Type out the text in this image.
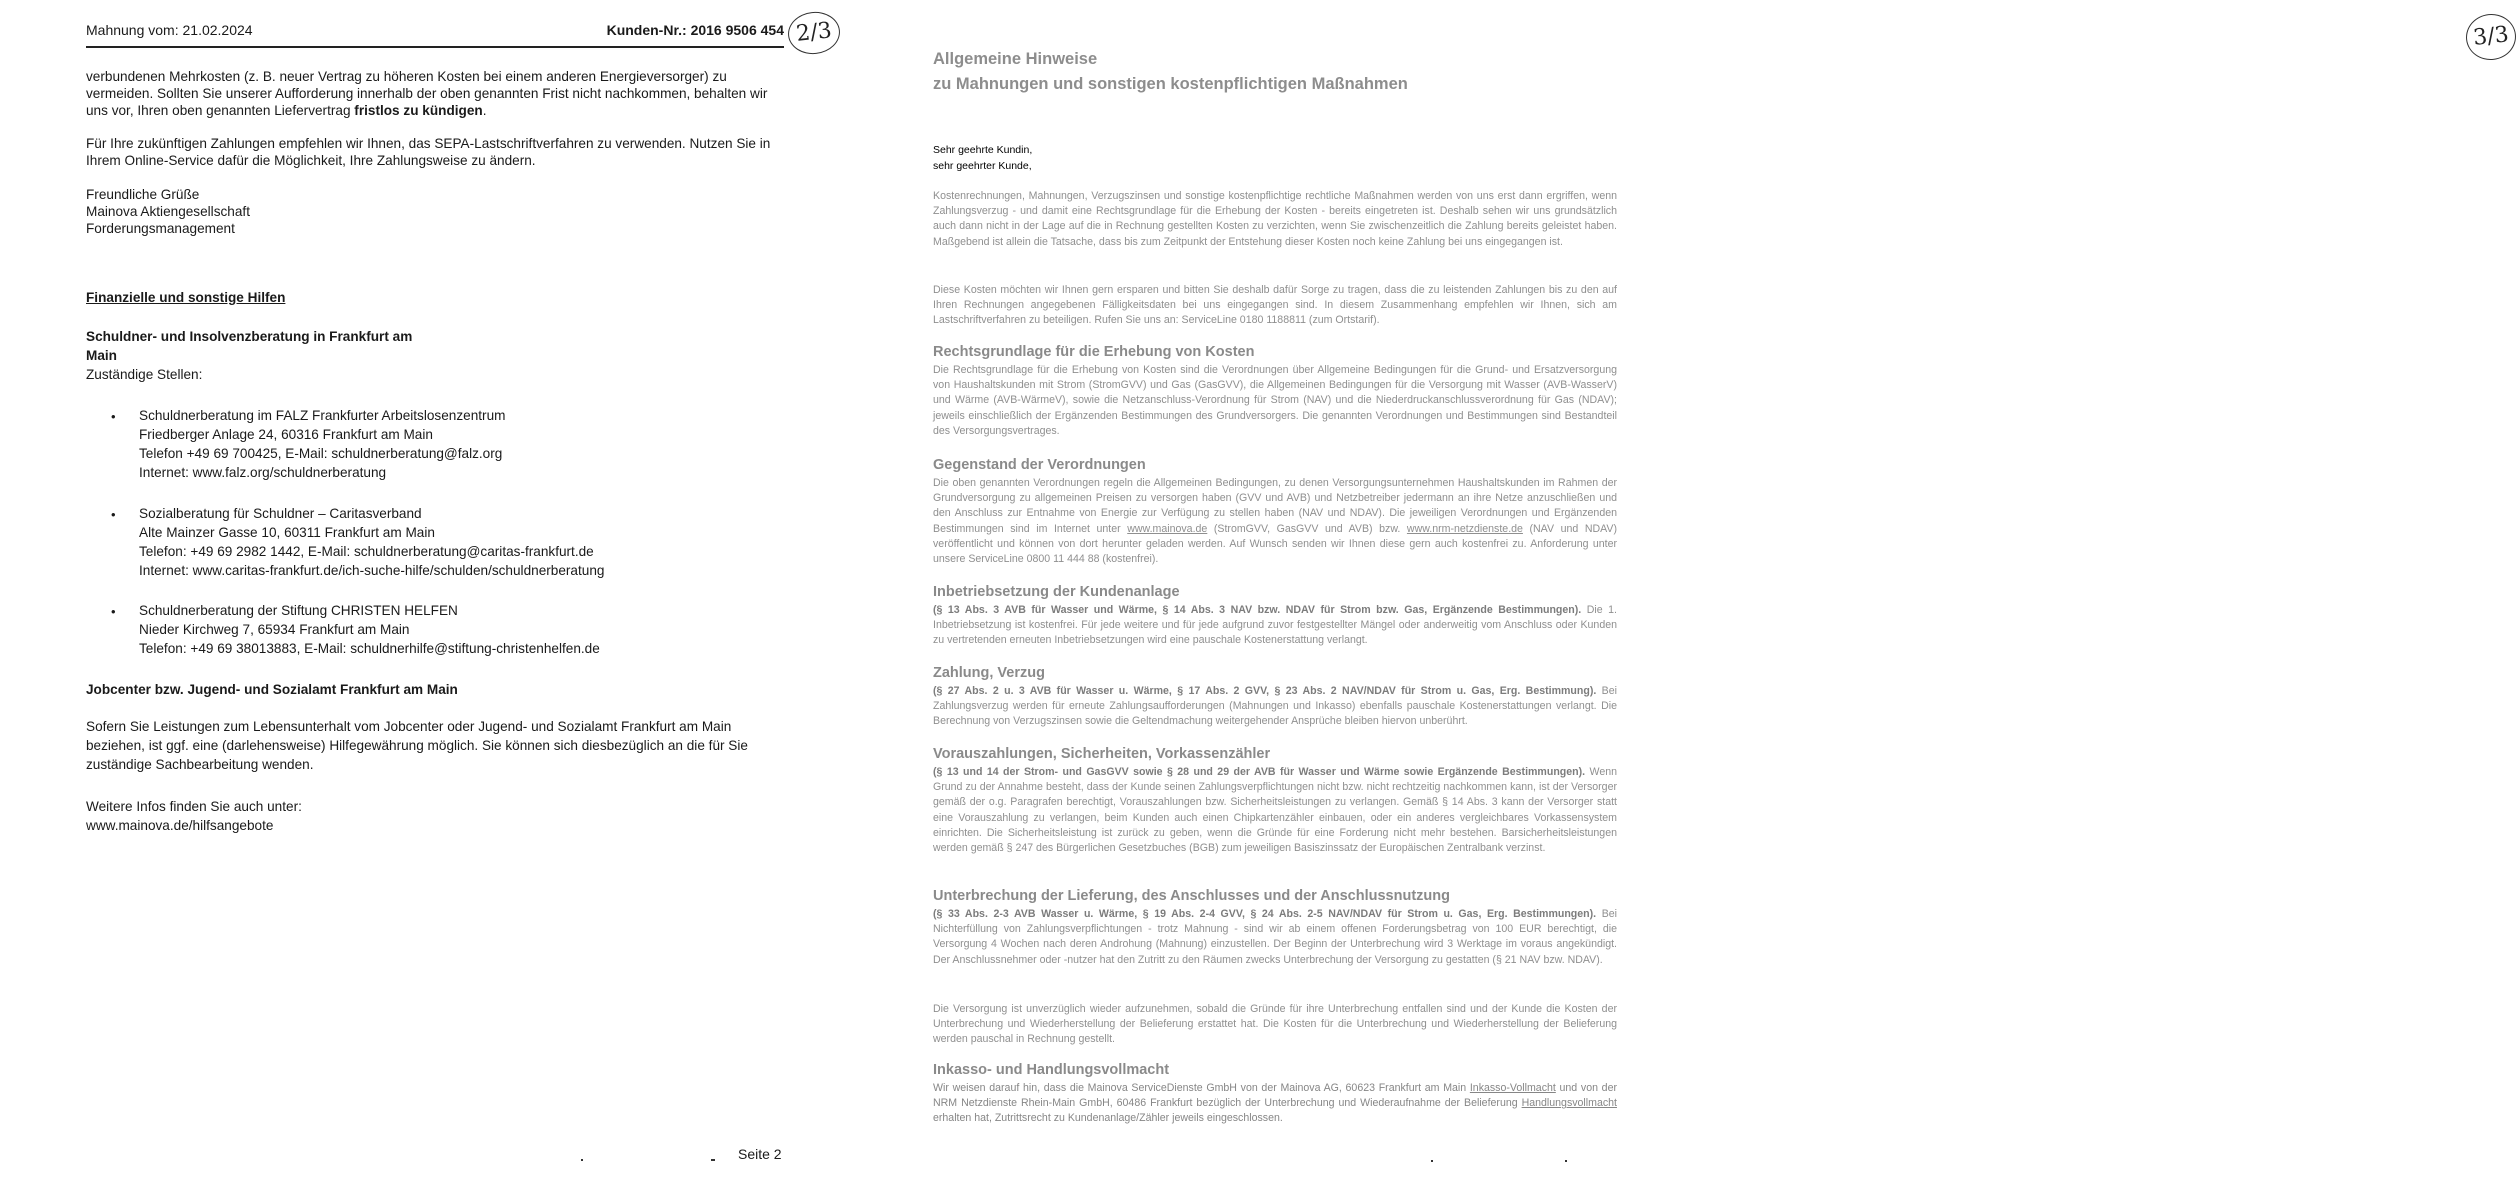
Mahnung vom: 21.02.2024	Kunden-Nr.: 2016 9506 454 2/3

verbundenen Mehrkosten (z. B. neuer Vertrag zu höheren Kosten bei einem anderen Energieversorger) zu vermeiden. Sollten Sie unserer Aufforderung innerhalb der oben genannten Frist nicht nachkommen, behalten wir uns vor, Ihren oben genannten Liefervertrag fristlos zu kündigen.

Für Ihre zukünftigen Zahlungen empfehlen wir Ihnen, das SEPA-Lastschriftverfahren zu verwenden. Nutzen Sie in Ihrem Online-Service dafür die Möglichkeit, Ihre Zahlungsweise zu ändern.

Freundliche Grüße

Mainova Aktiengesellschaft

Forderungsmanagement

Finanzielle und sonstige Hilfen

Schuldner- und Insolvenzberatung in Frankfurt am

Main

Zuständige Stellen:

• Schuldnerberatung im FALZ Frankfurter Arbeitslosenzentrum
Friedberger Anlage 24, 60316 Frankfurt am Main
Telefon +49 69 700425, E-Mail: schuldnerberatung@falz.org
Internet: www.falz.org/schuldnerberatung
• Sozialberatung für Schuldner – Caritasverband
Alte Mainzer Gasse 10, 60311 Frankfurt am Main
Telefon: +49 69 2982 1442, E-Mail: schuldnerberatung@caritas-frankfurt.de
Internet: www.caritas-frankfurt.de/ich-suche-hilfe/schulden/schuldnerberatung
• Schuldnerberatung der Stiftung CHRISTEN HELFEN
Nieder Kirchweg 7, 65934 Frankfurt am Main
Telefon: +49 69 38013883, E-Mail: schuldnerhilfe@stiftung-christenhelfen.de
Jobcenter bzw. Jugend- und Sozialamt Frankfurt am Main
Sofern Sie Leistungen zum Lebensunterhalt vom Jobcenter oder Jugend- und Sozialamt Frankfurt am Main beziehen, ist ggf. eine (darlehensweise) Hilfegewährung möglich. Sie können sich diesbezüglich an die für Sie zuständige Sachbearbeitung wenden.

Weitere Infos finden Sie auch unter:

www.mainova.de/hilfsangebote

Seite 2
3/3
Allgemeine Hinweise
zu Mahnungen und sonstigen kostenpflichtigen Maßnahmen
Sehr geehrte Kundin,
sehr geehrter Kunde,
Kostenrechnungen, Mahnungen, Verzugszinsen und sonstige kostenpflichtige rechtliche Maßnahmen werden von uns erst dann ergriffen, wenn Zahlungsverzug - und damit eine Rechtsgrundlage für die Erhebung der Kosten - bereits eingetreten ist. Deshalb sehen wir uns grundsätzlich auch dann nicht in der Lage auf die in Rechnung gestellten Kosten zu verzichten, wenn Sie zwischenzeitlich die Zahlung bereits geleistet haben. Maßgebend ist allein die Tatsache, dass bis zum Zeitpunkt der Entstehung dieser Kosten noch keine Zahlung bei uns eingegangen ist.
Diese Kosten möchten wir Ihnen gern ersparen und bitten Sie deshalb dafür Sorge zu tragen, dass die zu leistenden Zahlungen bis zu den auf Ihren Rechnungen angegebenen Fälligkeitsdaten bei uns eingegangen sind. In diesem Zusammenhang empfehlen wir Ihnen, sich am Lastschriftverfahren zu beteiligen. Rufen Sie uns an: ServiceLine 0180 1188811 (zum Ortstarif).
Rechtsgrundlage für die Erhebung von Kosten
Die Rechtsgrundlage für die Erhebung von Kosten sind die Verordnungen über Allgemeine Bedingungen für die Grund- und Ersatzversorgung von Haushaltskunden mit Strom (StromGVV) und Gas (GasGVV), die Allgemeinen Bedingungen für die Versorgung mit Wasser (AVB-WasserV) und Wärme (AVB-WärmeV), sowie die Netzanschluss-Verordnung für Strom (NAV) und die Niederdruckanschlussverordnung für Gas (NDAV); jeweils einschließlich der Ergänzenden Bestimmungen des Grundversorgers. Die genannten Verordnungen und Bestimmungen sind Bestandteil des Versorgungsvertrages.
Gegenstand der Verordnungen
Die oben genannten Verordnungen regeln die Allgemeinen Bedingungen, zu denen Versorgungsunternehmen Haushaltskunden im Rahmen der Grundversorgung zu allgemeinen Preisen zu versorgen haben (GVV und AVB) und Netzbetreiber jedermann an ihre Netze anzuschließen und den Anschluss zur Entnahme von Energie zur Verfügung zu stellen haben (NAV und NDAV). Die jeweiligen Verordnungen und Ergänzenden Bestimmungen sind im Internet unter www.mainova.de (StromGVV, GasGVV und AVB) bzw. www.nrm-netzdienste.de (NAV und NDAV) veröffentlicht und können von dort herunter geladen werden. Auf Wunsch senden wir Ihnen diese gern auch kostenfrei zu. Anforderung unter unsere ServiceLine 0800 11 444 88 (kostenfrei).
Inbetriebsetzung der Kundenanlage
(§ 13 Abs. 3 AVB für Wasser und Wärme, § 14 Abs. 3 NAV bzw. NDAV für Strom bzw. Gas, Ergänzende Bestimmungen). Die 1. Inbetriebsetzung ist kostenfrei. Für jede weitere und für jede aufgrund zuvor festgestellter Mängel oder anderweitig vom Anschluss oder Kunden zu vertretenden erneuten Inbetriebsetzungen wird eine pauschale Kostenerstattung verlangt.
Zahlung, Verzug
(§ 27 Abs. 2 u. 3 AVB für Wasser u. Wärme, § 17 Abs. 2 GVV, § 23 Abs. 2 NAV/NDAV für Strom u. Gas, Erg. Bestimmung). Bei Zahlungsverzug werden für erneute Zahlungsaufforderungen (Mahnungen und Inkasso) ebenfalls pauschale Kostenerstattungen verlangt. Die Berechnung von Verzugszinsen sowie die Geltendmachung weitergehender Ansprüche bleiben hiervon unberührt.
Vorauszahlungen, Sicherheiten, Vorkassenzähler
(§ 13 und 14 der Strom- und GasGVV sowie § 28 und 29 der AVB für Wasser und Wärme sowie Ergänzende Bestimmungen). Wenn Grund zu der Annahme besteht, dass der Kunde seinen Zahlungsverpflichtungen nicht bzw. nicht rechtzeitig nachkommen kann, ist der Versorger gemäß der o.g. Paragrafen berechtigt, Vorauszahlungen bzw. Sicherheitsleistungen zu verlangen. Gemäß § 14 Abs. 3 kann der Versorger statt eine Vorauszahlung zu verlangen, beim Kunden auch einen Chipkartenzähler einbauen, oder ein anderes vergleichbares Vorkassensystem einrichten. Die Sicherheitsleistung ist zurück zu geben, wenn die Gründe für eine Forderung nicht mehr bestehen. Barsicherheitsleistungen werden gemäß § 247 des Bürgerlichen Gesetzbuches (BGB) zum jeweiligen Basiszinssatz der Europäischen Zentralbank verzinst.
Unterbrechung der Lieferung, des Anschlusses und der Anschlussnutzung
(§ 33 Abs. 2-3 AVB Wasser u. Wärme, § 19 Abs. 2-4 GVV, § 24 Abs. 2-5 NAV/NDAV für Strom u. Gas, Erg. Bestimmungen). Bei Nichterfüllung von Zahlungsverpflichtungen - trotz Mahnung - sind wir ab einem offenen Forderungsbetrag von 100 EUR berechtigt, die Versorgung 4 Wochen nach deren Androhung (Mahnung) einzustellen. Der Beginn der Unterbrechung wird 3 Werktage im voraus angekündigt. Der Anschlussnehmer oder -nutzer hat den Zutritt zu den Räumen zwecks Unterbrechung der Versorgung zu gestatten (§ 21 NAV bzw. NDAV).
Die Versorgung ist unverzüglich wieder aufzunehmen, sobald die Gründe für ihre Unterbrechung entfallen sind und der Kunde die Kosten der Unterbrechung und Wiederherstellung der Belieferung erstattet hat. Die Kosten für die Unterbrechung und Wiederherstellung der Belieferung werden pauschal in Rechnung gestellt.
Inkasso- und Handlungsvollmacht
Wir weisen darauf hin, dass die Mainova ServiceDienste GmbH von der Mainova AG, 60623 Frankfurt am Main Inkasso-Vollmacht und von der NRM Netzdienste Rhein-Main GmbH, 60486 Frankfurt bezüglich der Unterbrechung und Wiederaufnahme der Belieferung Handlungsvollmacht erhalten hat, Zutrittsrecht zu Kundenanlage/Zähler jeweils eingeschlossen.
